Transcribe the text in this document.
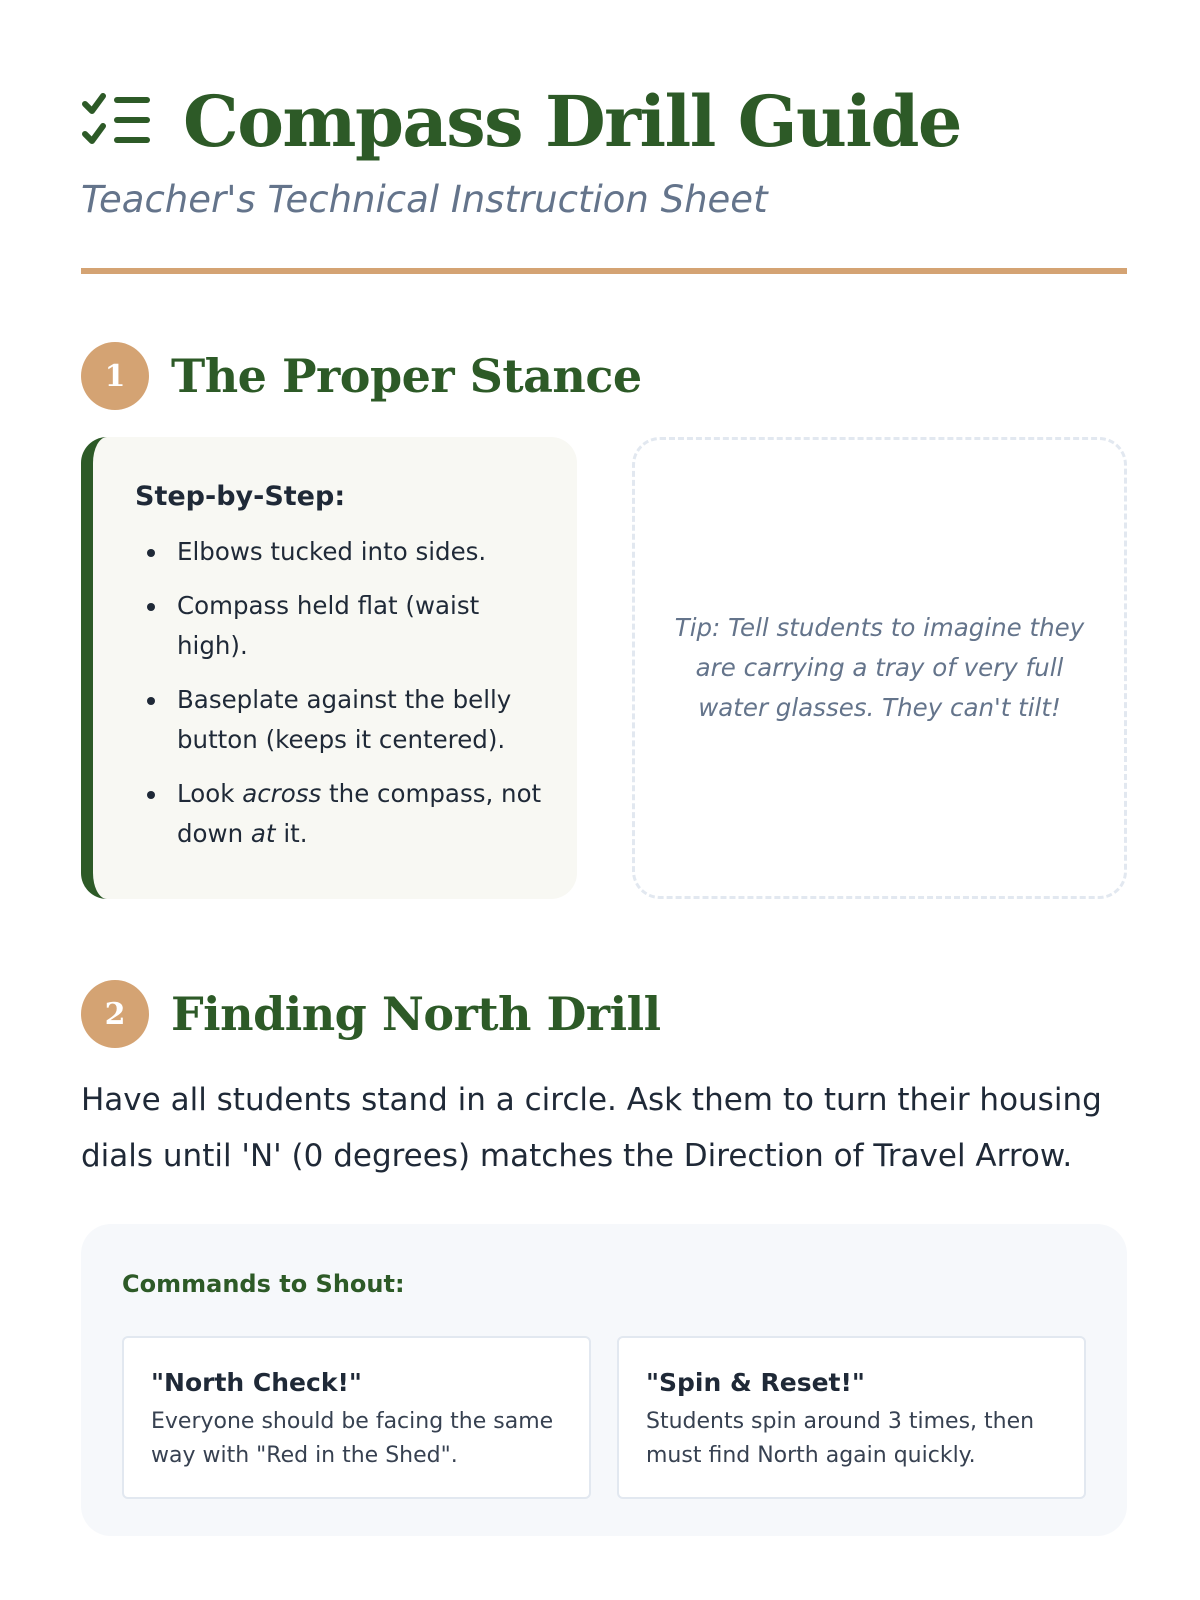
Compass Drill Guide
Teacher's Technical Instruction Sheet
1 The Proper Stance
Step-by-Step:
Elbows tucked into sides.
Compass held flat (waist high).
Baseplate against the belly button (keeps it centered).
Look across the compass, not down at it.

Tip: Tell students to imagine they are carrying a tray of very full water glasses. They can't tilt!

2 Finding North Drill

Have all students stand in a circle. Ask them to turn their housing dials until 'N' (0 degrees) matches the Direction of Travel Arrow.

Commands to Shout:
"North Check!"
Everyone should be facing the same way with "Red in the Shed".
"Spin & Reset!"
Students spin around 3 times, then must find North again quickly.
